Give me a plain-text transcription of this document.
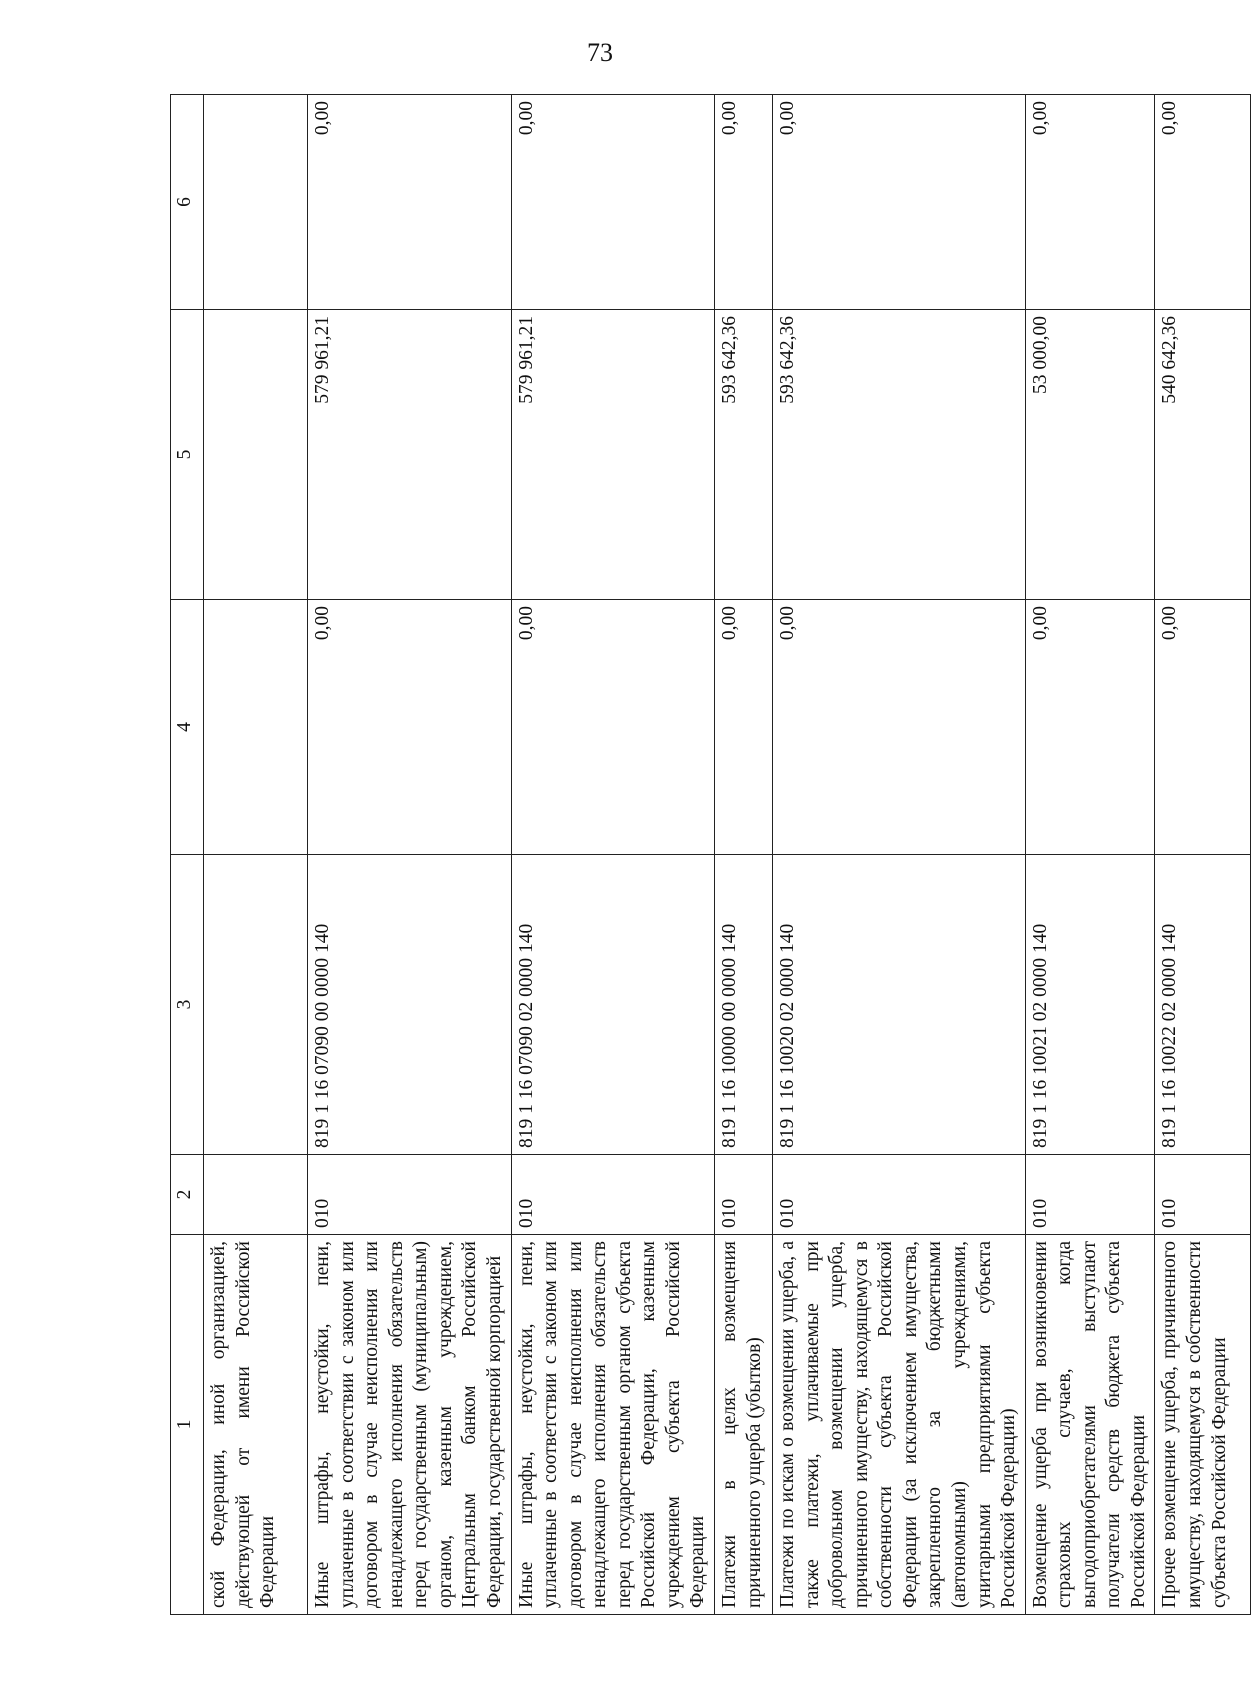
73
1	2	3	4	5	6
ской Федерации, иной организацией, действующей от имени Российской Федерации					
Иные штрафы, неустойки, пени, уплаченные в соответствии с законом или договором в случае неисполнения или ненадлежащего исполнения обязательств перед государственным (муниципальным) органом, казенным учреждением, Центральным банком Российской Федерации, государственной корпорацией	010	819 1 16 07090 00 0000 140	0,00	579 961,21	0,00
Иные штрафы, неустойки, пени, уплаченные в соответствии с законом или договором в случае неисполнения или ненадлежащего исполнения обязательств перед государственным органом субъекта Российской Федерации, казенным учреждением субъекта Российской Федерации	010	819 1 16 07090 02 0000 140	0,00	579 961,21	0,00
Платежи в целях возмещения причиненного ущерба (убытков)	010	819 1 16 10000 00 0000 140	0,00	593 642,36	0,00
Платежи по искам о возмещении ущерба, а также платежи, уплачиваемые при добровольном возмещении ущерба, причиненного имуществу, находящемуся в собственности субъекта Российской Федерации (за исключением имущества, закрепленного за бюджетными (автономными) учреждениями, унитарными предприятиями субъекта Российской Федерации)	010	819 1 16 10020 02 0000 140	0,00	593 642,36	0,00
Возмещение ущерба при возникновении страховых случаев, когда выгодоприобретателями выступают получатели средств бюджета субъекта Российской Федерации	010	819 1 16 10021 02 0000 140	0,00	53 000,00	0,00
Прочее возмещение ущерба, причиненного имуществу, находящемуся в собственности субъекта Российской Федерации	010	819 1 16 10022 02 0000 140	0,00	540 642,36	0,00
